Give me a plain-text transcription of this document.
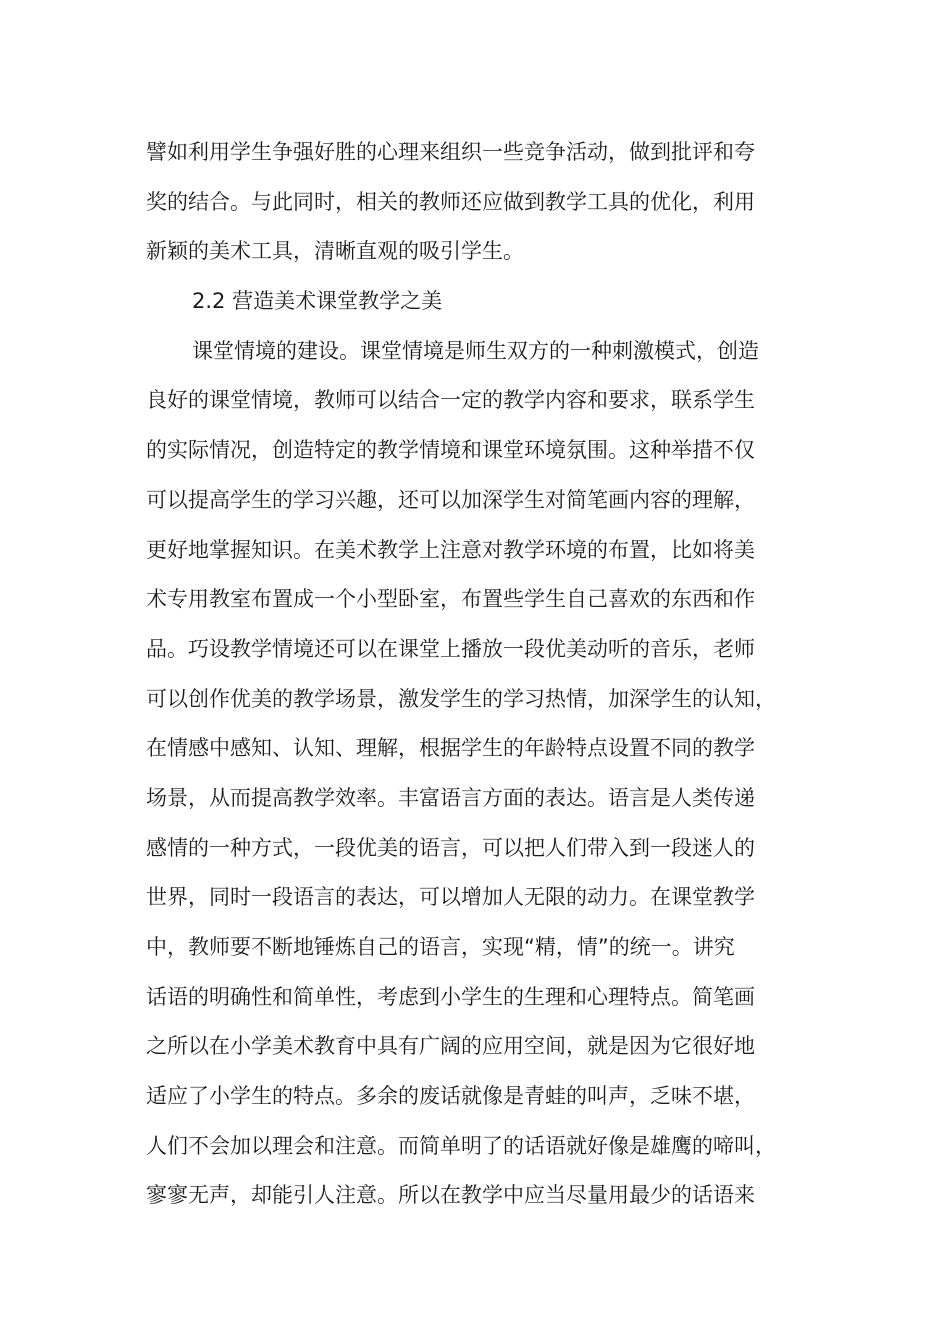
譬如利用学生争强好胜的心理来组织一些竞争活动，做到批评和夸
奖的结合。与此同时，相关的教师还应做到教学工具的优化，利用
新颖的美术工具，清晰直观的吸引学生。
2.2 营造美术课堂教学之美
课堂情境的建设。课堂情境是师生双方的一种刺激模式，创造
良好的课堂情境，教师可以结合一定的教学内容和要求，联系学生
的实际情况，创造特定的教学情境和课堂环境氛围。这种举措不仅
可以提高学生的学习兴趣，还可以加深学生对简笔画内容的理解，
更好地掌握知识。在美术教学上注意对教学环境的布置，比如将美
术专用教室布置成一个小型卧室，布置些学生自己喜欢的东西和作
品。巧设教学情境还可以在课堂上播放一段优美动听的音乐，老师
可以创作优美的教学场景，激发学生的学习热情，加深学生的认知，
在情感中感知、认知、理解，根据学生的年龄特点设置不同的教学
场景，从而提高教学效率。丰富语言方面的表达。语言是人类传递
感情的一种方式，一段优美的语言，可以把人们带入到一段迷人的
世界，同时一段语言的表达，可以增加人无限的动力。在课堂教学
中，教师要不断地锤炼自己的语言，实现“精，情”的统一。讲究
话语的明确性和简单性，考虑到小学生的生理和心理特点。简笔画
之所以在小学美术教育中具有广阔的应用空间，就是因为它很好地
适应了小学生的特点。多余的废话就像是青蛙的叫声，乏味不堪，
人们不会加以理会和注意。而简单明了的话语就好像是雄鹰的啼叫，
寥寥无声，却能引人注意。所以在教学中应当尽量用最少的话语来
